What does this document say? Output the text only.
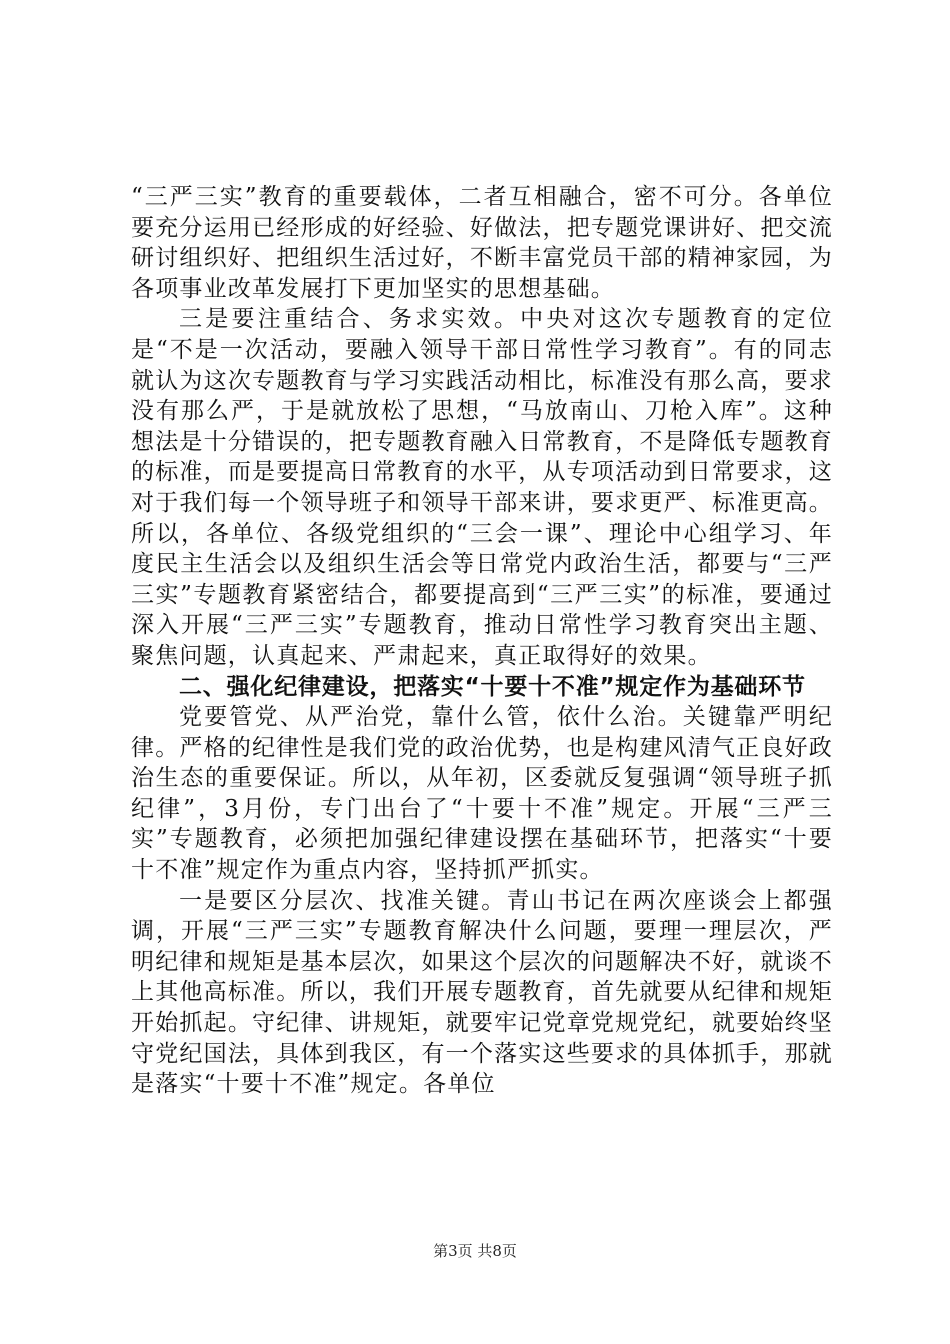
“三严三实”教育的重要载体，二者互相融合，密不可分。各单位要充分运用已经形成的好经验、好做法，把专题党课讲好、把交流研讨组织好、把组织生活过好，不断丰富党员干部的精神家园，为各项事业改革发展打下更加坚实的思想基础。

三是要注重结合、务求实效。中央对这次专题教育的定位是“不是一次活动，要融入领导干部日常性学习教育”。有的同志就认为这次专题教育与学习实践活动相比，标准没有那么高，要求没有那么严，于是就放松了思想，“马放南山、刀枪入库”。这种想法是十分错误的，把专题教育融入日常教育，不是降低专题教育的标准，而是要提高日常教育的水平，从专项活动到日常要求，这对于我们每一个领导班子和领导干部来讲，要求更严、标准更高。所以，各单位、各级党组织的“三会一课”、理论中心组学习、年度民主生活会以及组织生活会等日常党内政治生活，都要与“三严三实”专题教育紧密结合，都要提高到“三严三实”的标准，要通过深入开展“三严三实”专题教育，推动日常性学习教育突出主题、聚焦问题，认真起来、严肃起来，真正取得好的效果。

二、强化纪律建设，把落实“十要十不准”规定作为基础环节

党要管党、从严治党，靠什么管，依什么治。关键靠严明纪律。严格的纪律性是我们党的政治优势，也是构建风清气正良好政治生态的重要保证。所以，从年初，区委就反复强调“领导班子抓纪律”，3月份，专门出台了“十要十不准”规定。开展“三严三实”专题教育，必须把加强纪律建设摆在基础环节，把落实“十要十不准”规定作为重点内容，坚持抓严抓实。

一是要区分层次、找准关键。青山书记在两次座谈会上都强调，开展“三严三实”专题教育解决什么问题，要理一理层次，严明纪律和规矩是基本层次，如果这个层次的问题解决不好，就谈不上其他高标准。所以，我们开展专题教育，首先就要从纪律和规矩开始抓起。守纪律、讲规矩，就要牢记党章党规党纪，就要始终坚守党纪国法，具体到我区，有一个落实这些要求的具体抓手，那就是落实“十要十不准”规定。各单位

第3页 共8页
